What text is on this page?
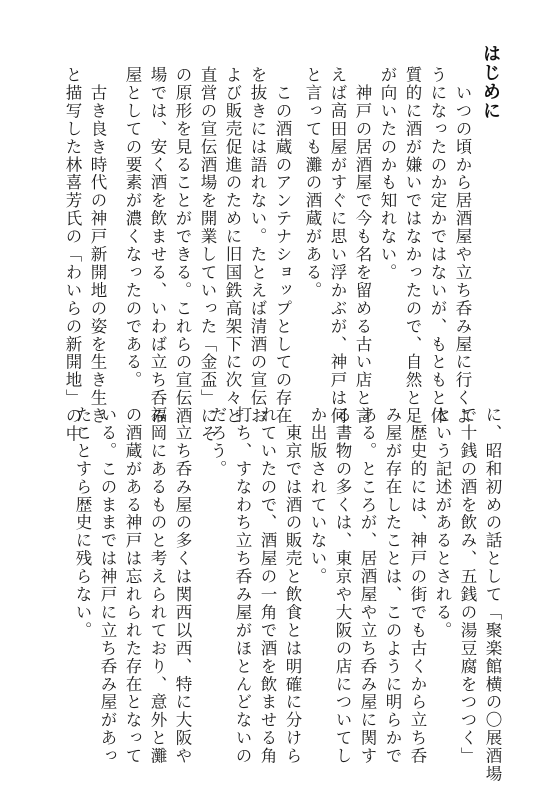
はじめに
　いつの頃から居酒屋や立ち呑み屋に行くよ
うになったのか定かではないが、もともと体
質的に酒が嫌いではなかったので、自然と足
が向いたのかも知れない。
　神戸の居酒屋で今も名を留める古い店と言
えば高田屋がすぐに思い浮かぶが、神戸は何
と言っても灘の酒蔵がある。
　この酒蔵のアンテナショップとしての存在
を抜きには語れない。たとえば清酒の宣伝お
よび販売促進のために旧国鉄高架下に次々と
直営の宣伝酒場を開業していった「金盃」にそ
の原形を見ることができる。これらの宣伝酒
場では、安く酒を飲ませる、いわば立ち呑み
屋としての要素が濃くなったのである。
　古き良き時代の神戸新開地の姿を生き生き
と描写した林喜芳氏の「わいらの新開地」の中
に、昭和初めの話として「聚楽館横の〇展酒場
で十銭の酒を飲み、五銭の湯豆腐をつつく」
という記述があるとされる。
　歴史的には、神戸の街でも古くから立ち呑
み屋が存在したことは、このように明らかで
ある。ところが、居酒屋や立ち呑み屋に関す
る書物の多くは、東京や大阪の店についてし
か出版されていない。
　東京では酒の販売と飲食とは明確に分けら
れていたので、酒屋の一角で酒を飲ませる角
打ち、すなわち立ち呑み屋がほとんどないの
だろう。
　立ち呑み屋の多くは関西以西、特に大阪や
福岡にあるものと考えられており、意外と灘
の酒蔵がある神戸は忘れられた存在となって
いる。このままでは神戸に立ち呑み屋があっ
たことすら歴史に残らない。
